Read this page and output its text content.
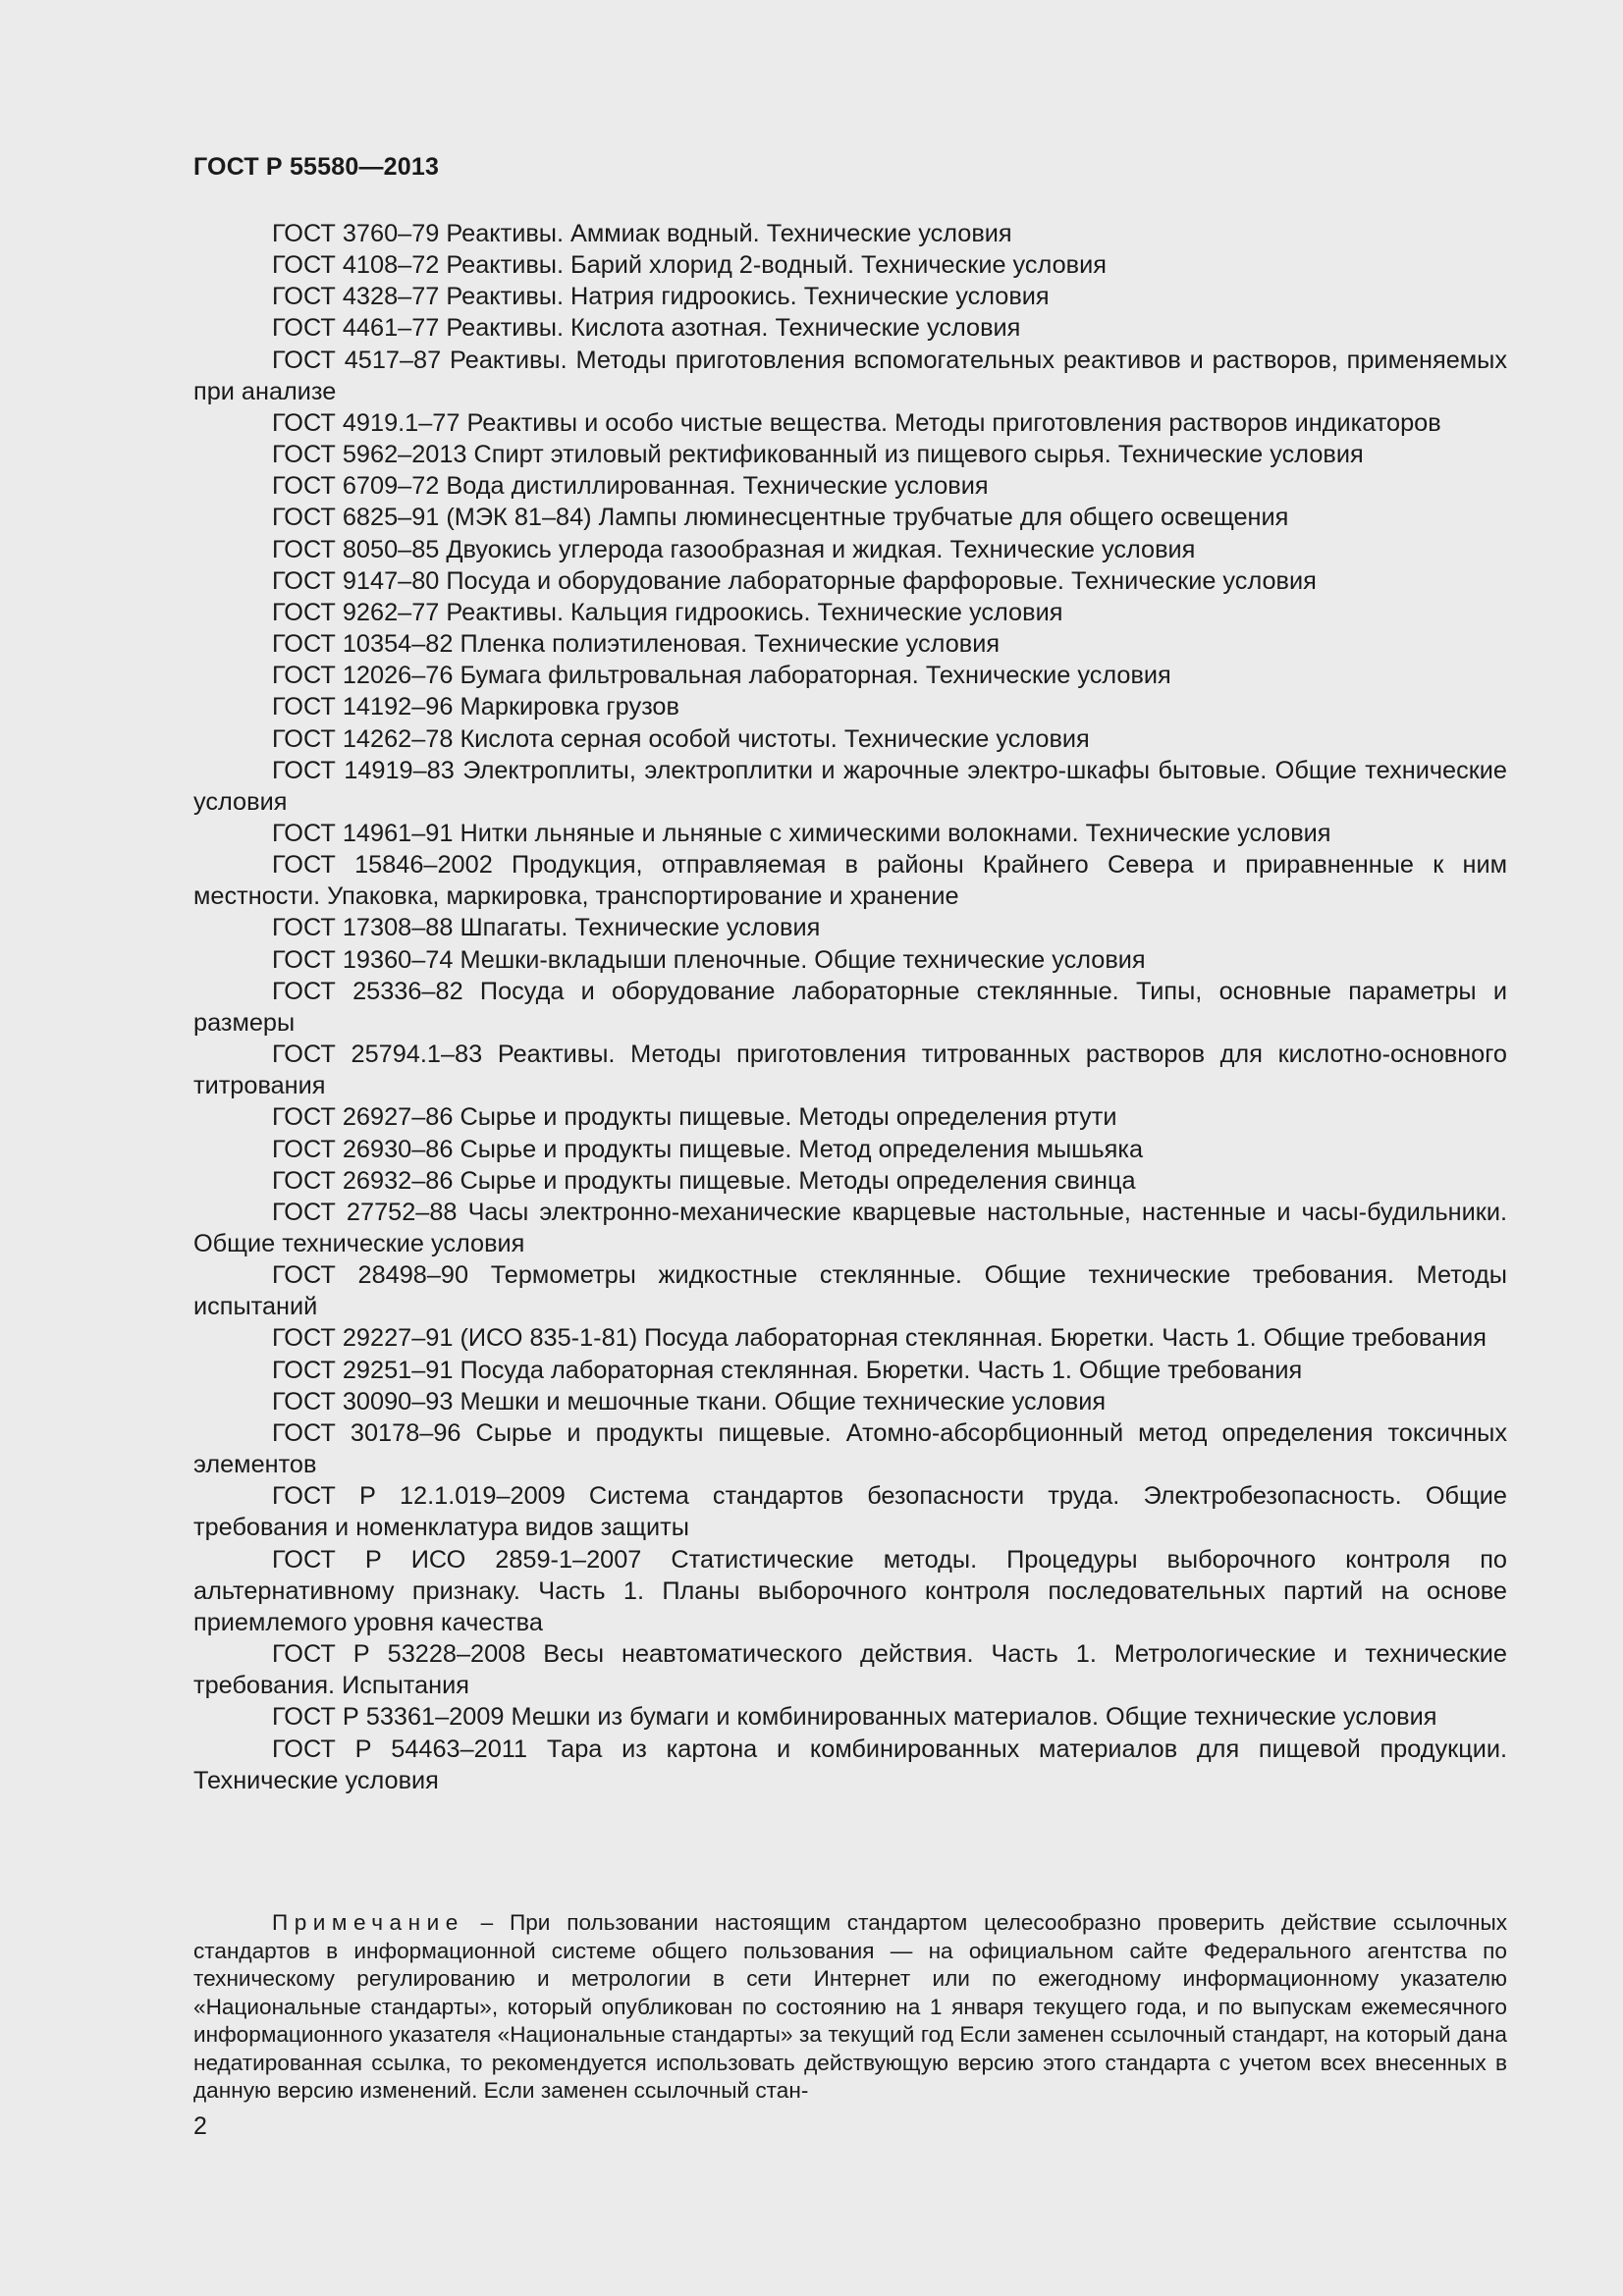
ГОСТ Р 55580—2013

ГОСТ 3760–79 Реактивы. Аммиак водный. Технические условия

ГОСТ 4108–72 Реактивы. Барий хлорид 2-водный. Технические условия

ГОСТ 4328–77 Реактивы. Натрия гидроокись. Технические условия

ГОСТ 4461–77 Реактивы. Кислота азотная. Технические условия

ГОСТ 4517–87 Реактивы. Методы приготовления вспомогательных реактивов и растворов, применяемых при анализе

ГОСТ 4919.1–77 Реактивы и особо чистые вещества. Методы приготовления растворов индикаторов

ГОСТ 5962–2013 Спирт этиловый ректификованный из пищевого сырья. Технические условия

ГОСТ 6709–72 Вода дистиллированная. Технические условия

ГОСТ 6825–91 (МЭК 81–84) Лампы люминесцентные трубчатые для общего освещения

ГОСТ 8050–85 Двуокись углерода газообразная и жидкая. Технические условия

ГОСТ 9147–80 Посуда и оборудование лабораторные фарфоровые. Технические условия

ГОСТ 9262–77 Реактивы. Кальция гидроокись. Технические условия

ГОСТ 10354–82 Пленка полиэтиленовая. Технические условия

ГОСТ 12026–76 Бумага фильтровальная лабораторная. Технические условия

ГОСТ 14192–96 Маркировка грузов

ГОСТ 14262–78 Кислота серная особой чистоты. Технические условия

ГОСТ 14919–83 Электроплиты, электроплитки и жарочные электро-шкафы бытовые. Общие технические условия

ГОСТ 14961–91 Нитки льняные и льняные с химическими волокнами. Технические условия

ГОСТ 15846–2002 Продукция, отправляемая в районы Крайнего Севера и приравненные к ним местности. Упаковка, маркировка, транспортирование и хранение

ГОСТ 17308–88 Шпагаты. Технические условия

ГОСТ 19360–74 Мешки-вкладыши пленочные. Общие технические условия

ГОСТ 25336–82 Посуда и оборудование лабораторные стеклянные. Типы, основные параметры и размеры

ГОСТ 25794.1–83 Реактивы. Методы приготовления титрованных растворов для кислотно-основного титрования

ГОСТ 26927–86 Сырье и продукты пищевые. Методы определения ртути

ГОСТ 26930–86 Сырье и продукты пищевые. Метод определения мышьяка

ГОСТ 26932–86 Сырье и продукты пищевые. Методы определения свинца

ГОСТ 27752–88 Часы электронно-механические кварцевые настольные, настенные и часы-будильники. Общие технические условия

ГОСТ 28498–90 Термометры жидкостные стеклянные. Общие технические требования. Методы испытаний

ГОСТ 29227–91 (ИСО 835-1-81) Посуда лабораторная стеклянная. Бюретки. Часть 1. Общие требования

ГОСТ 29251–91 Посуда лабораторная стеклянная. Бюретки. Часть 1. Общие требования

ГОСТ 30090–93 Мешки и мешочные ткани. Общие технические условия

ГОСТ 30178–96 Сырье и продукты пищевые. Атомно-абсорбционный метод определения токсичных элементов

ГОСТ Р 12.1.019–2009 Система стандартов безопасности труда. Электробезопасность. Общие требования и номенклатура видов защиты

ГОСТ Р ИСО 2859-1–2007 Статистические методы. Процедуры выборочного контроля по альтернативному признаку. Часть 1. Планы выборочного контроля последовательных партий на основе приемлемого уровня качества

ГОСТ Р 53228–2008 Весы неавтоматического действия. Часть 1. Метрологические и технические требования. Испытания

ГОСТ Р 53361–2009 Мешки из бумаги и комбинированных материалов. Общие технические условия

ГОСТ Р 54463–2011 Тара из картона и комбинированных материалов для пищевой продукции. Технические условия

Примечание – При пользовании настоящим стандартом целесообразно проверить действие ссылочных стандартов в информационной системе общего пользования — на официальном сайте Федерального агентства по техническому регулированию и метрологии в сети Интернет или по ежегодному информационному указателю «Национальные стандарты», который опубликован по состоянию на 1 января текущего года, и по выпускам ежемесячного информационного указателя «Национальные стандарты» за текущий год Если заменен ссылочный стандарт, на который дана недатированная ссылка, то рекомендуется использовать действующую версию этого стандарта с учетом всех внесенных в данную версию изменений. Если заменен ссылочный стан-

2
